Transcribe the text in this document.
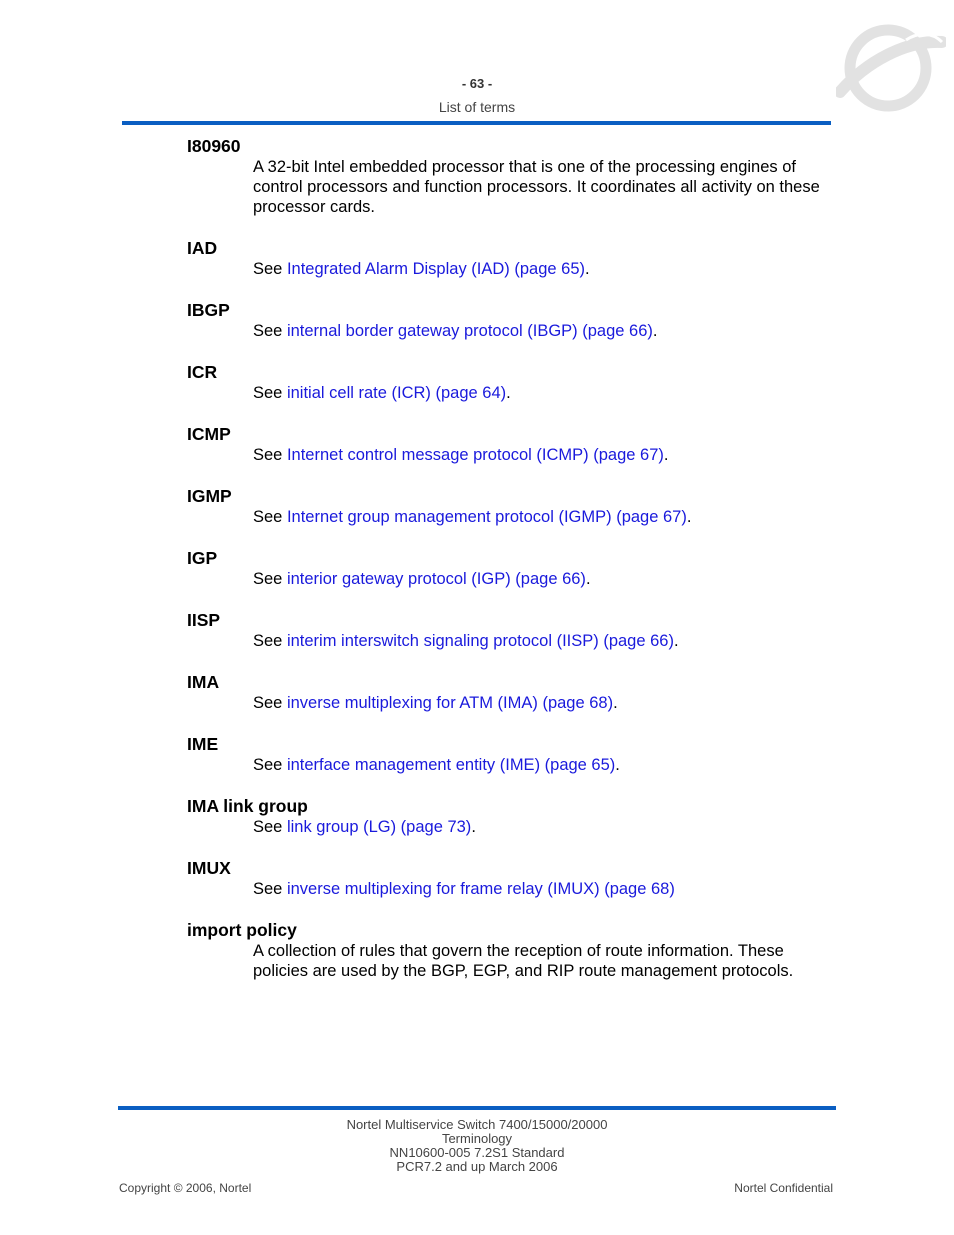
- 63 -
List of terms
I80960
A 32-bit Intel embedded processor that is one of the processing engines of control processors and function processors. It coordinates all activity on these processor cards.
IAD
See Integrated Alarm Display (IAD) (page 65).
IBGP
See internal border gateway protocol (IBGP) (page 66).
ICR
See initial cell rate (ICR) (page 64).
ICMP
See Internet control message protocol (ICMP) (page 67).
IGMP
See Internet group management protocol (IGMP) (page 67).
IGP
See interior gateway protocol (IGP) (page 66).
IISP
See interim interswitch signaling protocol (IISP) (page 66).
IMA
See inverse multiplexing for ATM (IMA) (page 68).
IME
See interface management entity (IME) (page 65).
IMA link group
See link group (LG) (page 73).
IMUX
See inverse multiplexing for frame relay (IMUX) (page 68)
import policy
A collection of rules that govern the reception of route information. These policies are used by the BGP, EGP, and RIP route management protocols.
Nortel Multiservice Switch 7400/15000/20000
Terminology
NN10600-005 7.2S1 Standard
PCR7.2 and up March 2006
Copyright © 2006, Nortel	Nortel Confidential
